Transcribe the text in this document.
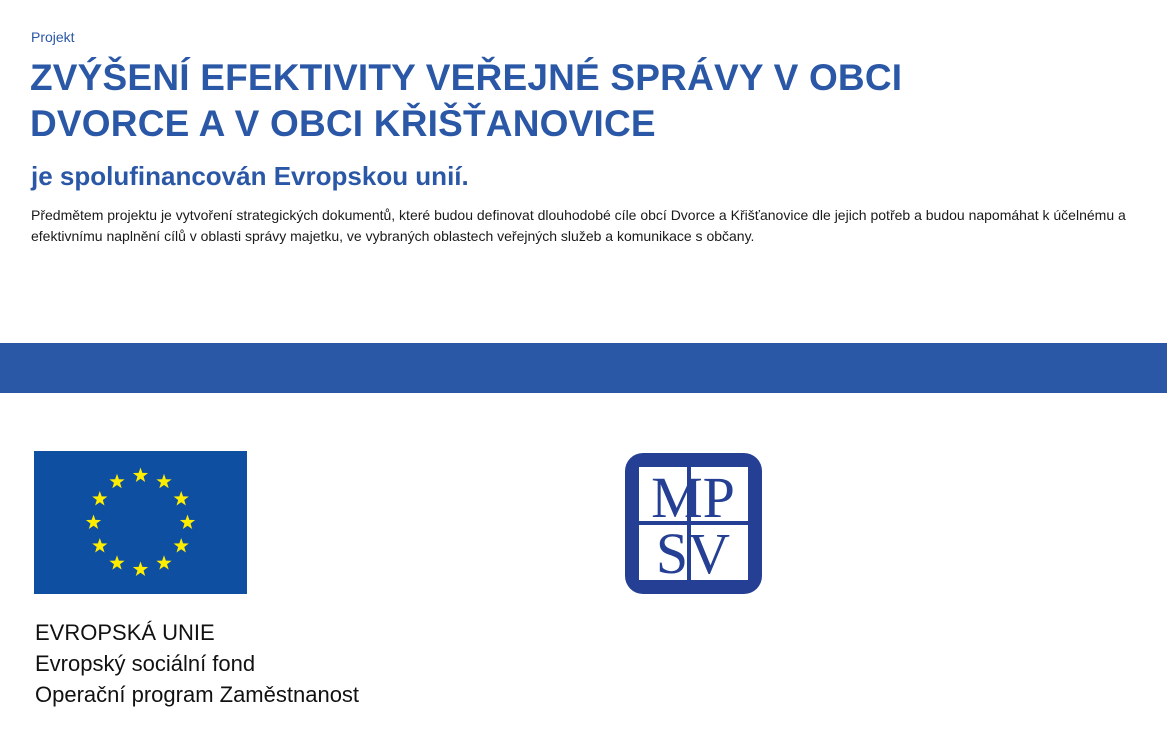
Projekt
ZVÝŠENÍ EFEKTIVITY VEŘEJNÉ SPRÁVY V OBCI DVORCE A V OBCI KŘIŠŤANOVICE
je spolufinancován Evropskou unií.

Předmětem projektu je vytvoření strategických dokumentů, které budou definovat dlouhodobé cíle obcí Dvorce a Křišťanovice dle jejich potřeb a budou napomáhat k účelnému a efektivnímu naplnění cílů v oblasti správy majetku, ve vybraných oblastech veřejných služeb a komunikace s občany.

EVROPSKÁ UNIE
Evropský sociální fond
Operační program Zaměstnanost
MP
SV
